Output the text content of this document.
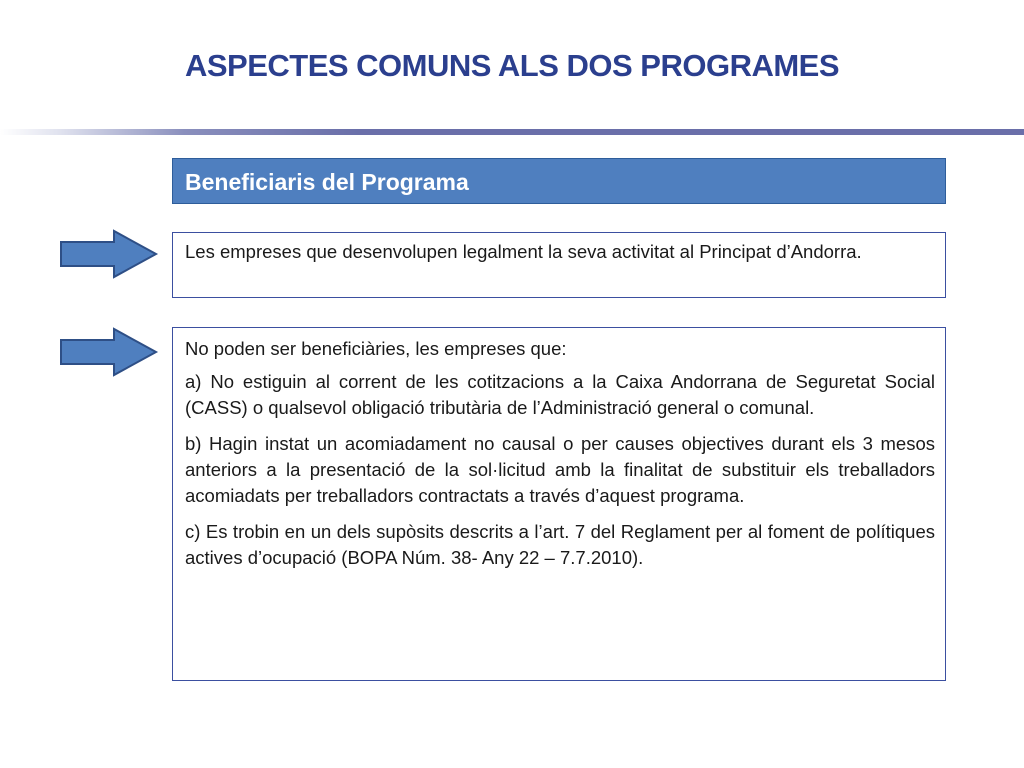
ASPECTES COMUNS ALS DOS PROGRAMES
Beneficiaris del Programa
Les empreses que desenvolupen legalment la seva activitat al Principat d’Andorra.

No poden ser beneficiàries, les empreses que:

a) No estiguin al corrent de les cotitzacions a la Caixa Andorrana de Seguretat Social (CASS) o qualsevol obligació tributària de l’Administració general o comunal.

b) Hagin instat un acomiadament no causal o per causes objectives durant els 3 mesos anteriors a la presentació de la sol·licitud amb la finalitat de substituir els treballadors acomiadats per treballadors contractats a través d’aquest programa.

c) Es trobin en un dels supòsits descrits a l’art. 7 del Reglament per al foment de polítiques actives d’ocupació (BOPA Núm. 38- Any 22 – 7.7.2010).
